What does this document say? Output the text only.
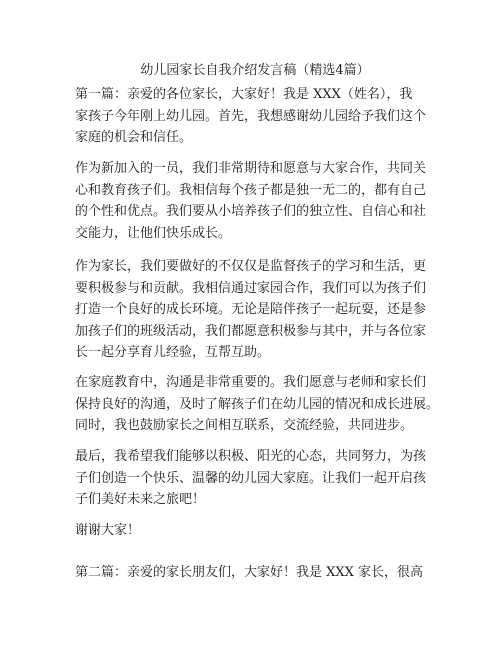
幼儿园家长自我介绍发言稿（精选4篇）

第一篇：亲爱的各位家长，大家好！我是 XXX（姓名），我
家孩子今年刚上幼儿园。首先，我想感谢幼儿园给予我们这个
家庭的机会和信任。

作为新加入的一员，我们非常期待和愿意与大家合作，共同关
心和教育孩子们。我相信每个孩子都是独一无二的，都有自己
的个性和优点。我们要从小培养孩子们的独立性、自信心和社
交能力，让他们快乐成长。

作为家长，我们要做好的不仅仅是监督孩子的学习和生活，更
要积极参与和贡献。我相信通过家园合作，我们可以为孩子们
打造一个良好的成长环境。无论是陪伴孩子一起玩耍，还是参
加孩子们的班级活动，我们都愿意积极参与其中，并与各位家
长一起分享育儿经验，互帮互助。

在家庭教育中，沟通是非常重要的。我们愿意与老师和家长们
保持良好的沟通，及时了解孩子们在幼儿园的情况和成长进展。
同时，我也鼓励家长之间相互联系，交流经验，共同进步。

最后，我希望我们能够以积极、阳光的心态，共同努力，为孩
子们创造一个快乐、温馨的幼儿园大家庭。让我们一起开启孩
子们美好未来之旅吧！

谢谢大家！

第二篇：亲爱的家长朋友们，大家好！我是 XXX 家长，很高
